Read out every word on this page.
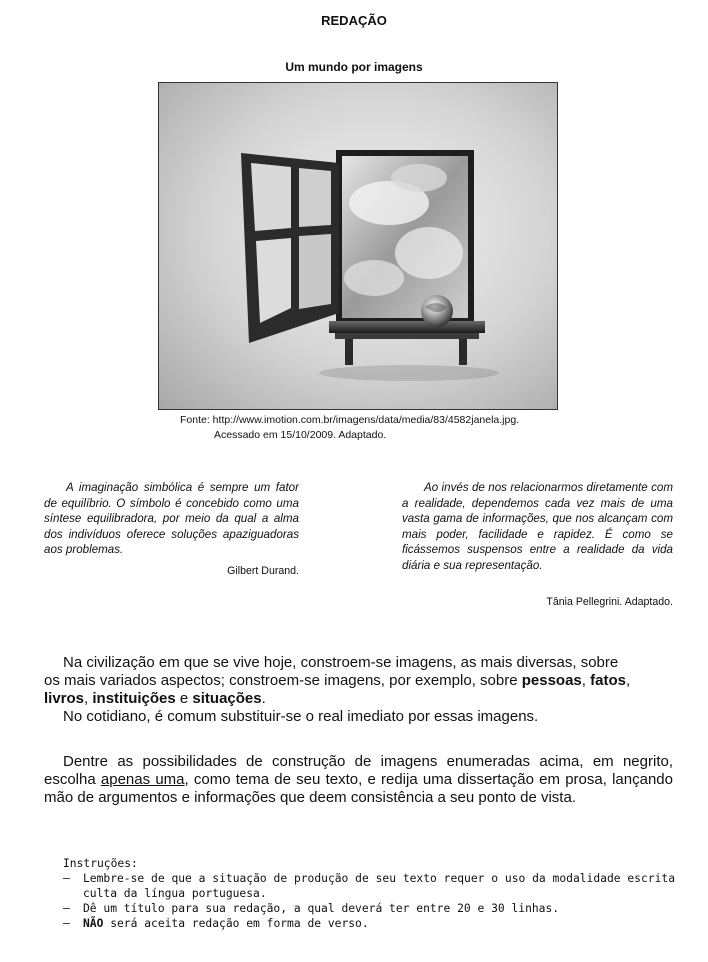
REDAÇÃO
Um mundo por imagens
Fonte: http://www.imotion.com.br/imagens/data/media/83/4582janela.jpg.
Acessado em 15/10/2009. Adaptado.
A imaginação simbólica é sempre um fator de equilíbrio. O símbolo é concebido como uma síntese equilibradora, por meio da qual a alma dos indivíduos oferece soluções apaziguadoras aos problemas.
Gilbert Durand.
Ao invés de nos relacionarmos diretamente com a realidade, dependemos cada vez mais de uma vasta gama de informações, que nos alcançam com mais poder, facilidade e rapidez. É como se ficássemos suspensos entre a realidade da vida diária e sua representação.
Tânia Pellegrini. Adaptado.
Na civilização em que se vive hoje, constroem-se imagens, as mais diversas, sobre
os mais variados aspectos; constroem-se imagens, por exemplo, sobre pessoas, fatos,
livros, instituições e situações.
No cotidiano, é comum substituir-se o real imediato por essas imagens.

Dentre as possibilidades de construção de imagens enumeradas acima, em negrito, escolha apenas uma, como tema de seu texto, e redija uma dissertação em prosa, lançando mão de argumentos e informações que deem consistência a seu ponto de vista.

Instruções:
–	Lembre-se de que a situação de produção de seu texto requer o uso da modalidade escrita culta da língua portuguesa.
–	Dê um título para sua redação, a qual deverá ter entre 20 e 30 linhas.
–	NÃO será aceita redação em forma de verso.
